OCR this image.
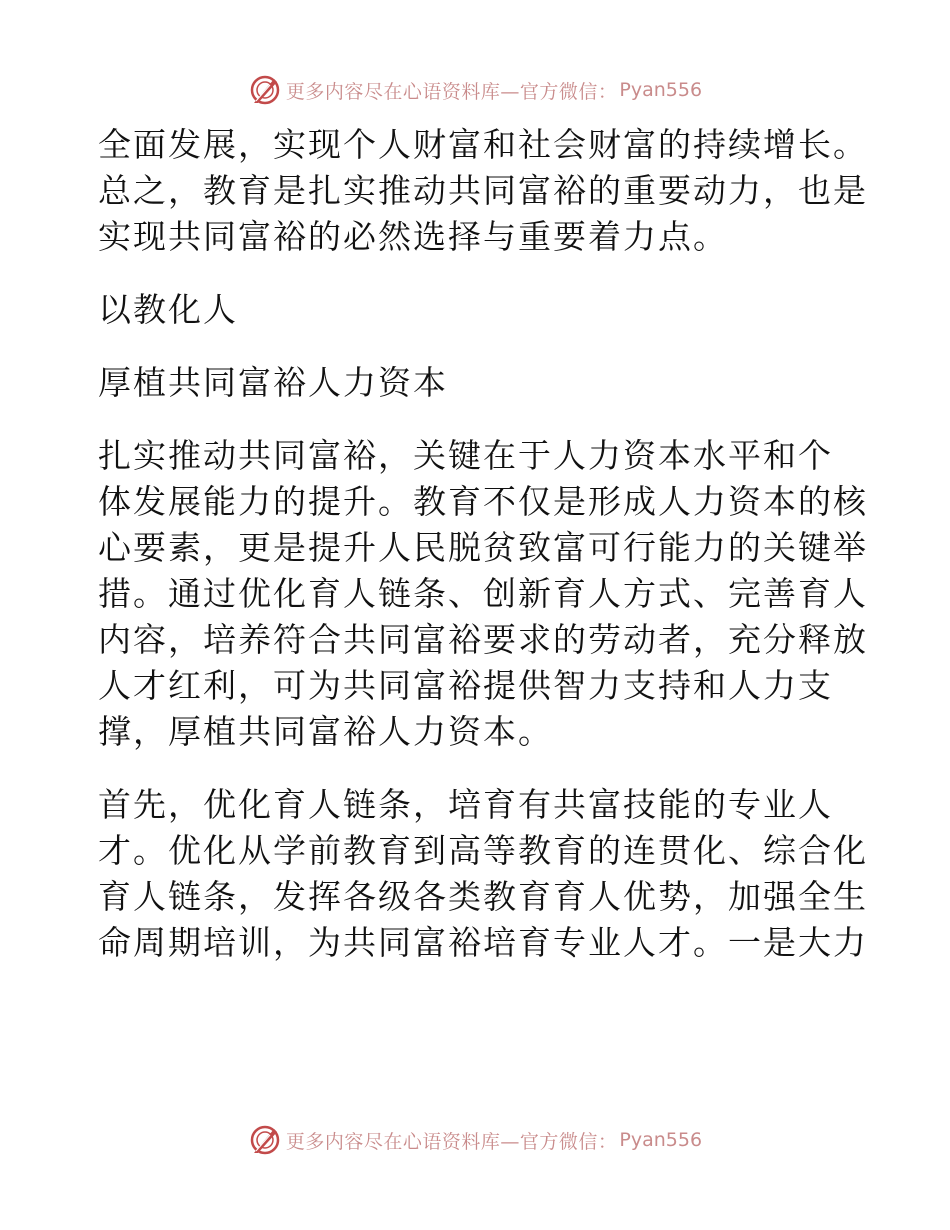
更多内容尽在心语资料库—官方微信： Pyan556

全面发展，实现个人财富和社会财富的持续增长。
总之，教育是扎实推动共同富裕的重要动力，也是
实现共同富裕的必然选择与重要着力点。

以教化人

厚植共同富裕人力资本

扎实推动共同富裕，关键在于人力资本水平和个
体发展能力的提升。教育不仅是形成人力资本的核
心要素，更是提升人民脱贫致富可行能力的关键举
措。通过优化育人链条、创新育人方式、完善育人
内容，培养符合共同富裕要求的劳动者，充分释放
人才红利，可为共同富裕提供智力支持和人力支
撑，厚植共同富裕人力资本。

首先，优化育人链条，培育有共富技能的专业人
才。优化从学前教育到高等教育的连贯化、综合化
育人链条，发挥各级各类教育育人优势，加强全生
命周期培训，为共同富裕培育专业人才。一是大力

更多内容尽在心语资料库—官方微信： Pyan556
